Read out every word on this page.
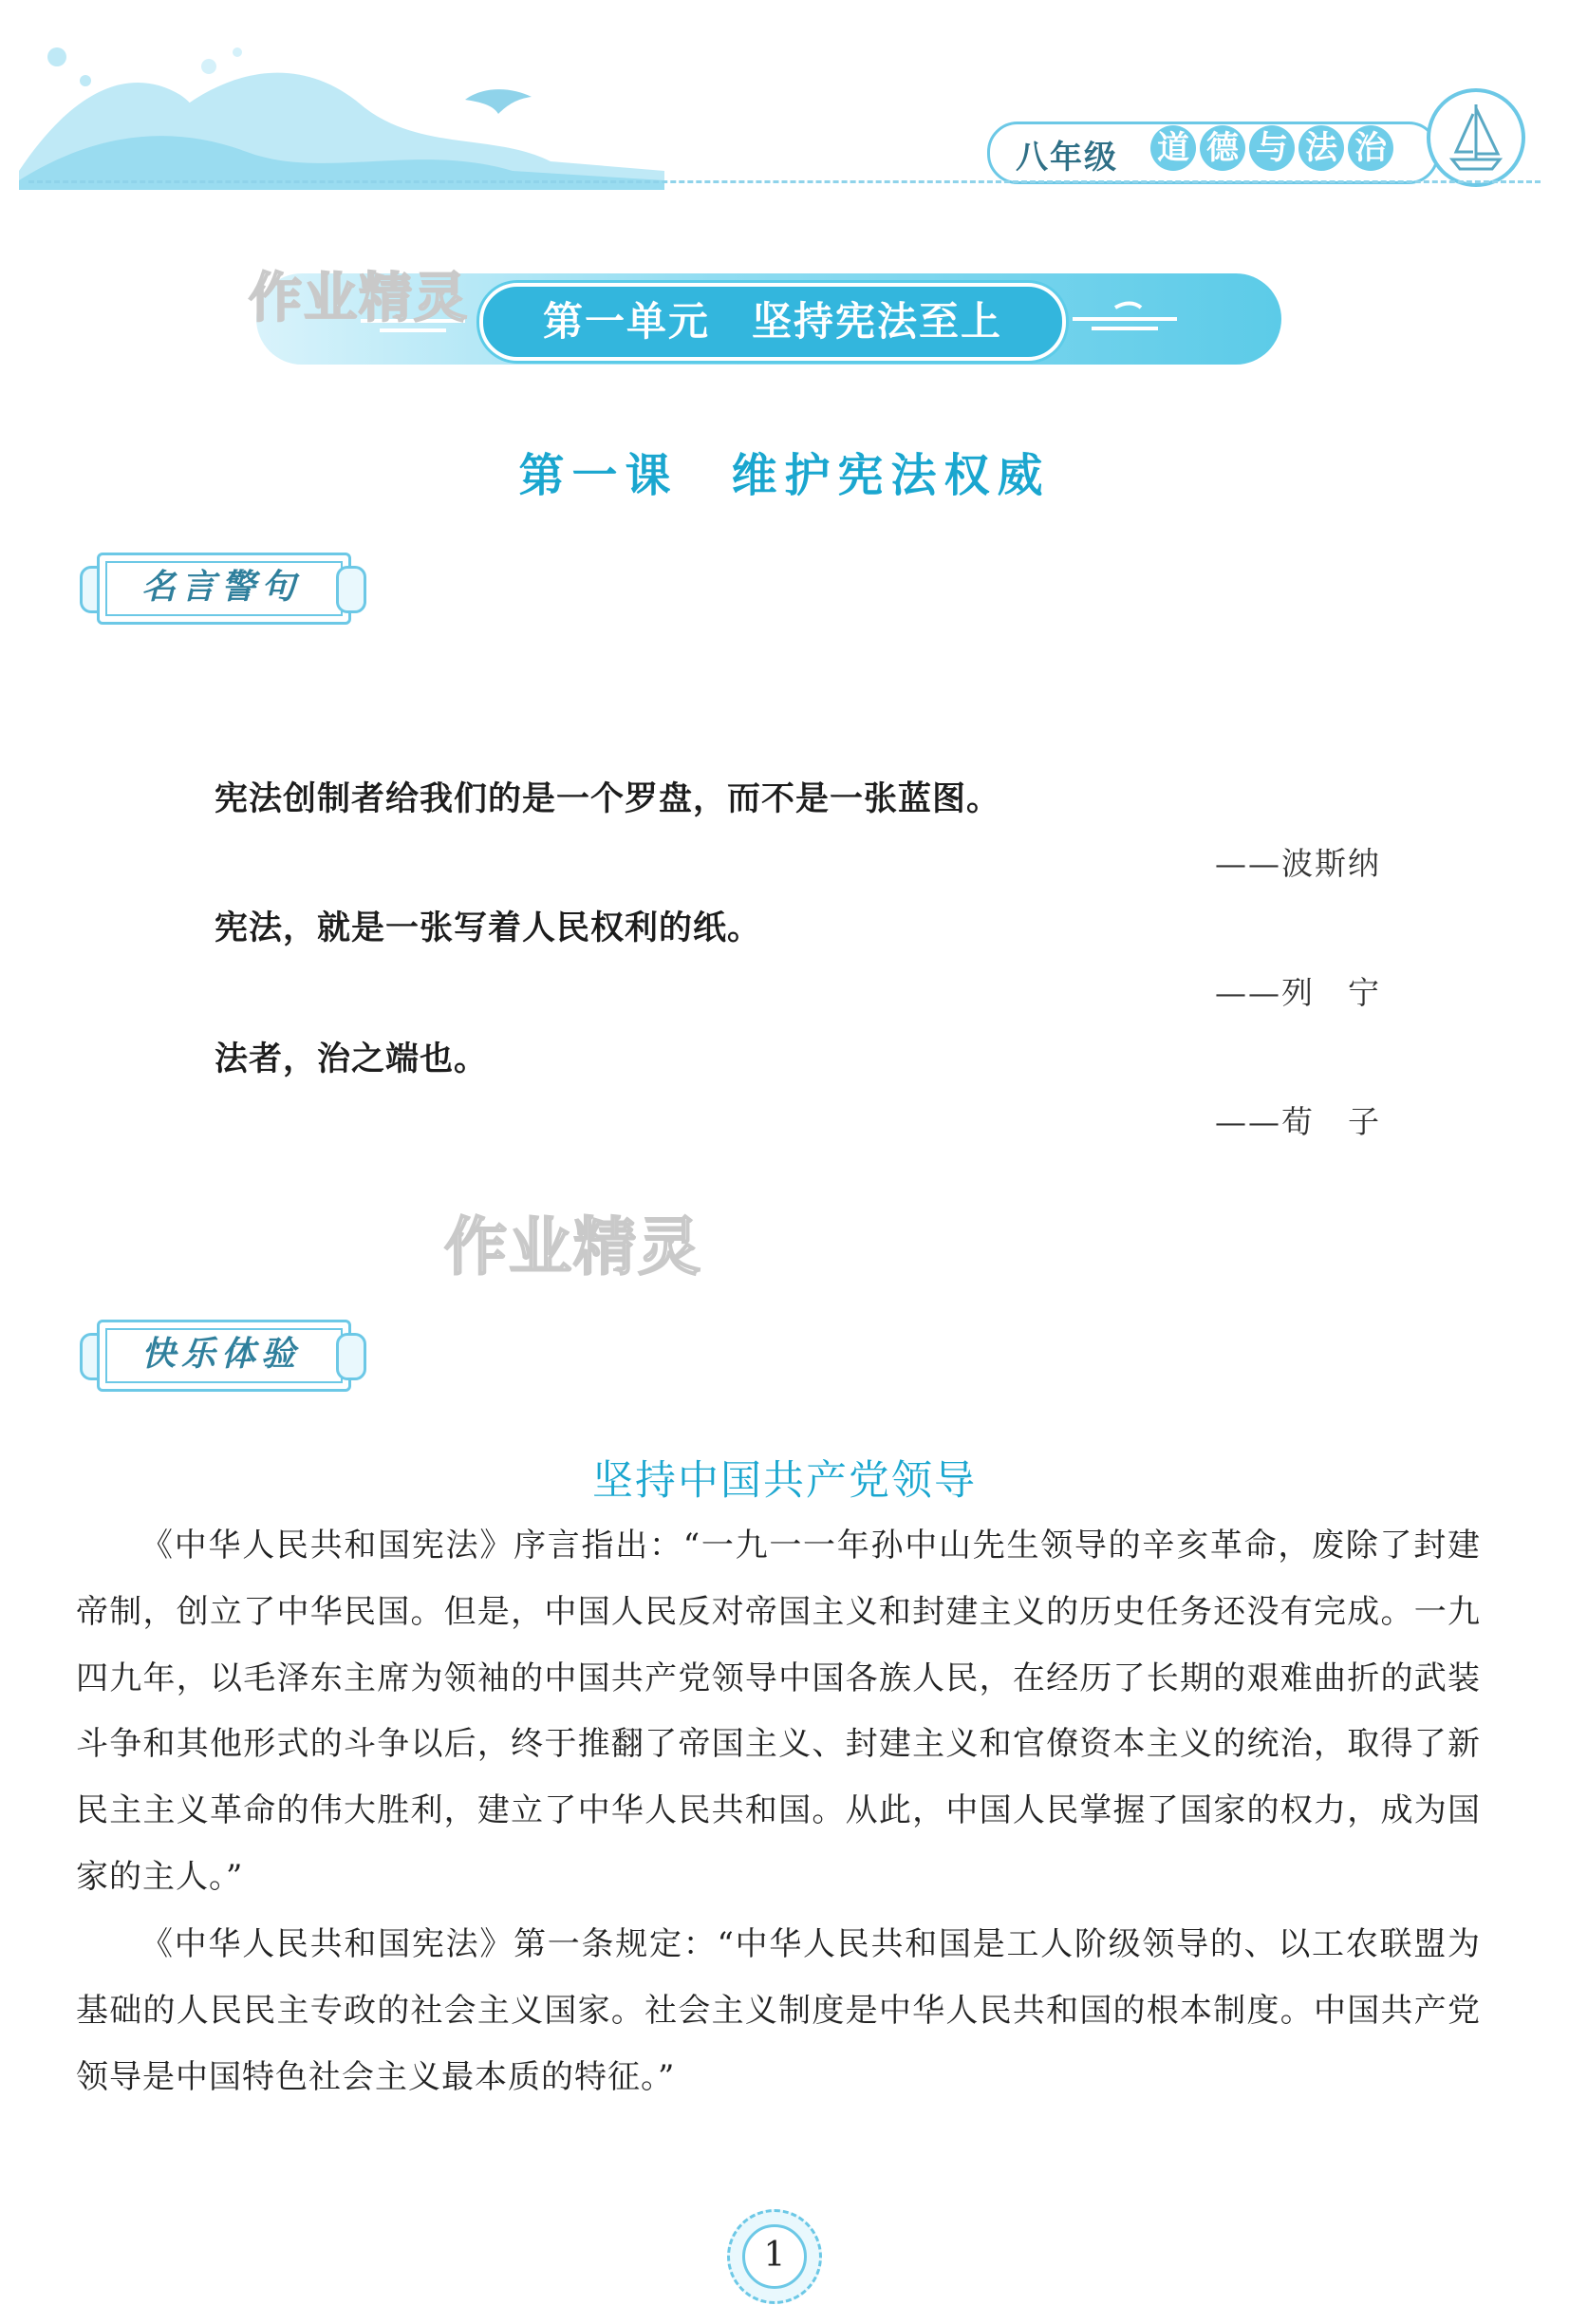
八年级 道 德 与 法 治
第一单元　坚持宪法至上
作业精灵
第一课　维护宪法权威
名言警句
宪法创制者给我们的是一个罗盘，而不是一张蓝图。
——波斯纳
宪法，就是一张写着人民权利的纸。
——列　宁
法者，治之端也。
——荀　子
作业精灵
快乐体验
坚持中国共产党领导
《中华人民共和国宪法》序言指出：“一九一一年孙中山先生领导的辛亥革命，废除了封建帝制，创立了中华民国。但是，中国人民反对帝国主义和封建主义的历史任务还没有完成。一九四九年，以毛泽东主席为领袖的中国共产党领导中国各族人民，在经历了长期的艰难曲折的武装斗争和其他形式的斗争以后，终于推翻了帝国主义、封建主义和官僚资本主义的统治，取得了新民主主义革命的伟大胜利，建立了中华人民共和国。从此，中国人民掌握了国家的权力，成为国家的主人。”
《中华人民共和国宪法》第一条规定：“中华人民共和国是工人阶级领导的、以工农联盟为基础的人民民主专政的社会主义国家。社会主义制度是中华人民共和国的根本制度。中国共产党领导是中国特色社会主义最本质的特征。”
1
